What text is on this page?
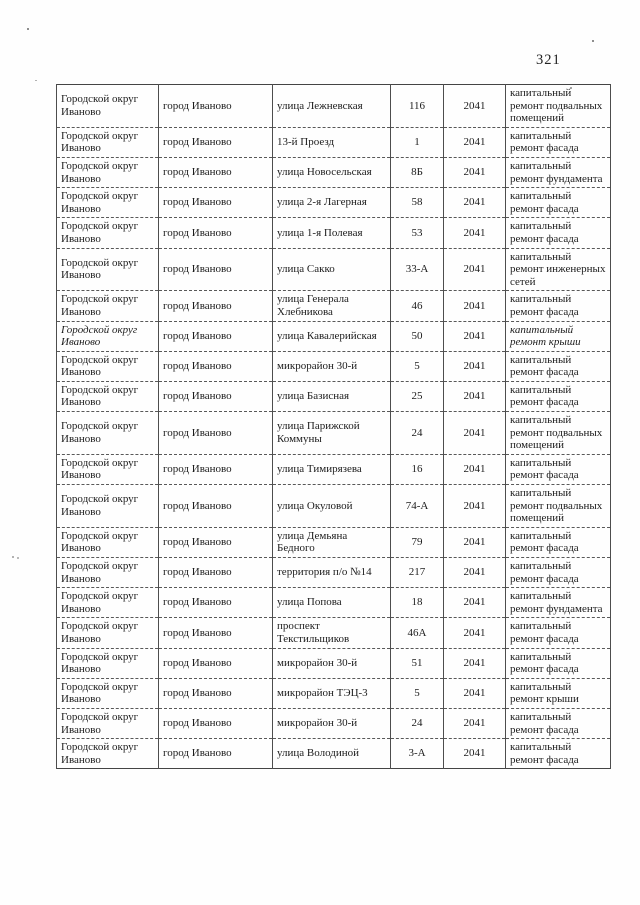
321
Городской округ Иваново	город Иваново	улица Лежневская	116	2041	капитальный ремонт подвальных помещений
Городской округ Иваново	город Иваново	13-й Проезд	1	2041	капитальный ремонт фасада
Городской округ Иваново	город Иваново	улица Новосельская	8Б	2041	капитальный ремонт фундамента
Городской округ Иваново	город Иваново	улица 2-я Лагерная	58	2041	капитальный ремонт фасада
Городской округ Иваново	город Иваново	улица 1-я Полевая	53	2041	капитальный ремонт фасада
Городской округ Иваново	город Иваново	улица Сакко	33-А	2041	капитальный ремонт инженерных сетей
Городской округ Иваново	город Иваново	улица Генерала Хлебникова	46	2041	капитальный ремонт фасада
Городской округ Иваново	город Иваново	улица Кавалерийская	50	2041	капитальный ремонт крыши
Городской округ Иваново	город Иваново	микрорайон 30-й	5	2041	капитальный ремонт фасада
Городской округ Иваново	город Иваново	улица Базисная	25	2041	капитальный ремонт фасада
Городской округ Иваново	город Иваново	улица Парижской Коммуны	24	2041	капитальный ремонт подвальных помещений
Городской округ Иваново	город Иваново	улица Тимирязева	16	2041	капитальный ремонт фасада
Городской округ Иваново	город Иваново	улица Окуловой	74-А	2041	капитальный ремонт подвальных помещений
Городской округ Иваново	город Иваново	улица Демьяна Бедного	79	2041	капитальный ремонт фасада
Городской округ Иваново	город Иваново	территория п/о №14	217	2041	капитальный ремонт фасада
Городской округ Иваново	город Иваново	улица Попова	18	2041	капитальный ремонт фундамента
Городской округ Иваново	город Иваново	проспект Текстильщиков	46А	2041	капитальный ремонт фасада
Городской округ Иваново	город Иваново	микрорайон 30-й	51	2041	капитальный ремонт фасада
Городской округ Иваново	город Иваново	микрорайон ТЭЦ-3	5	2041	капитальный ремонт крыши
Городской округ Иваново	город Иваново	микрорайон 30-й	24	2041	капитальный ремонт фасада
Городской округ Иваново	город Иваново	улица Володиной	3-А	2041	капитальный ремонт фасада
